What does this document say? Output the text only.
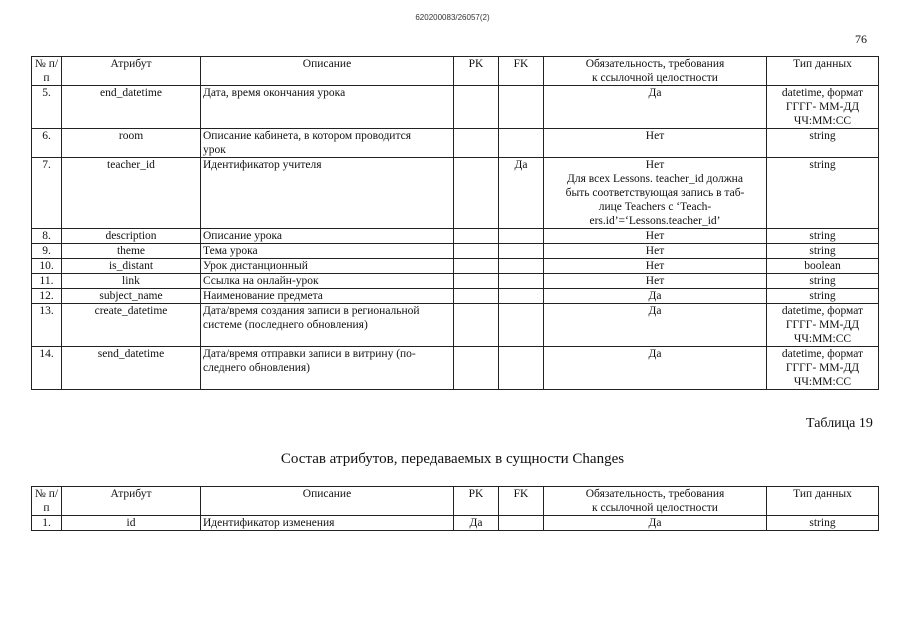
620200083/26057(2)
76
№ п/п	Атрибут	Описание	PK	FK	Обязательность, требования
к ссылочной целостности	Тип данных
5.	end_datetime	Дата, время окончания урока			Да	datetime, формат
ГГГГ- ММ-ДД
ЧЧ:ММ:СС
6.	room	Описание кабинета, в котором проводится
урок			Нет	string
7.	teacher_id	Идентификатор учителя		Да	Нет
Для всех Lessons. teacher_id должна
быть соответствующая запись в таб-
лице Teachers с ‘Teach-
ers.id’=‘Lessons.teacher_id’	string
8.	description	Описание урока			Нет	string
9.	theme	Тема урока			Нет	string
10.	is_distant	Урок дистанционный			Нет	boolean
11.	link	Ссылка на онлайн-урок			Нет	string
12.	subject_name	Наименование предмета			Да	string
13.	create_datetime	Дата/время создания записи в региональной
системе (последнего обновления)			Да	datetime, формат
ГГГГ- ММ-ДД
ЧЧ:ММ:СС
14.	send_datetime	Дата/время отправки записи в витрину (по-
следнего обновления)			Да	datetime, формат
ГГГГ- ММ-ДД
ЧЧ:ММ:СС
Таблица 19
Состав атрибутов, передаваемых в сущности Changes
№ п/п	Атрибут	Описание	PK	FK	Обязательность, требования
к ссылочной целостности	Тип данных
1.	id	Идентификатор изменения	Да		Да	string
